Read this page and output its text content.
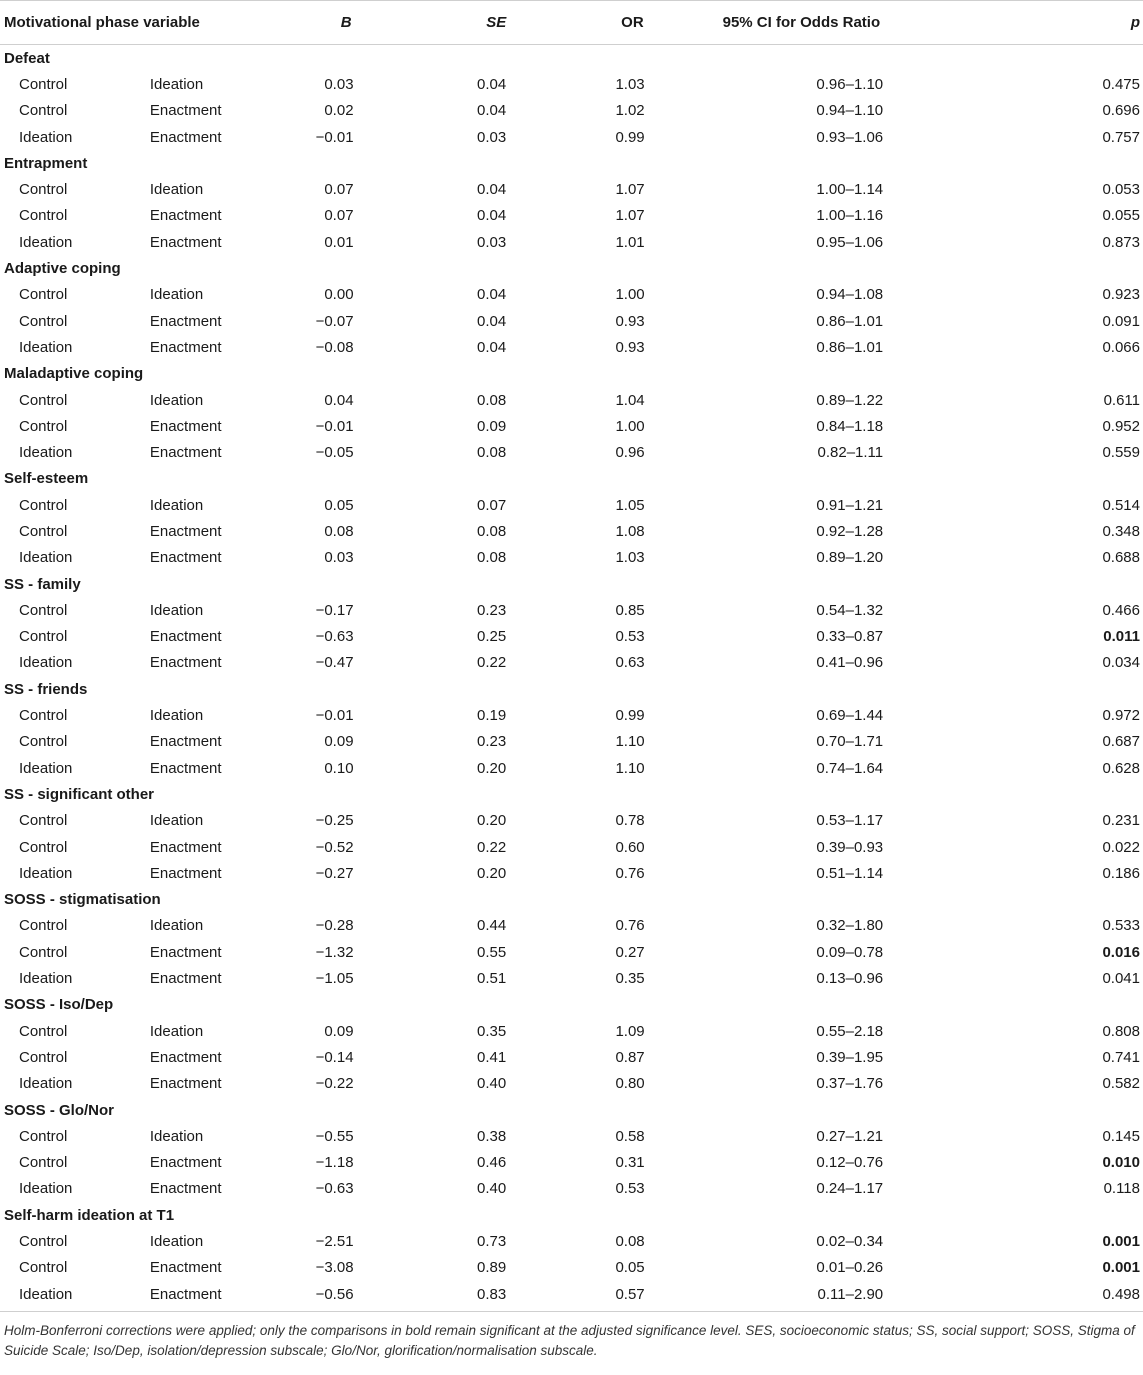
Motivational phase variable		B	SE	OR	95% CI for Odds Ratio	p
Defeat						
Control	Ideation	0.03	0.04	1.03	0.96–1.10	0.475
Control	Enactment	0.02	0.04	1.02	0.94–1.10	0.696
Ideation	Enactment	−0.01	0.03	0.99	0.93–1.06	0.757
Entrapment						
Control	Ideation	0.07	0.04	1.07	1.00–1.14	0.053
Control	Enactment	0.07	0.04	1.07	1.00–1.16	0.055
Ideation	Enactment	0.01	0.03	1.01	0.95–1.06	0.873
Adaptive coping						
Control	Ideation	0.00	0.04	1.00	0.94–1.08	0.923
Control	Enactment	−0.07	0.04	0.93	0.86–1.01	0.091
Ideation	Enactment	−0.08	0.04	0.93	0.86–1.01	0.066
Maladaptive coping						
Control	Ideation	0.04	0.08	1.04	0.89–1.22	0.611
Control	Enactment	−0.01	0.09	1.00	0.84–1.18	0.952
Ideation	Enactment	−0.05	0.08	0.96	0.82–1.11	0.559
Self-esteem						
Control	Ideation	0.05	0.07	1.05	0.91–1.21	0.514
Control	Enactment	0.08	0.08	1.08	0.92–1.28	0.348
Ideation	Enactment	0.03	0.08	1.03	0.89–1.20	0.688
SS - family						
Control	Ideation	−0.17	0.23	0.85	0.54–1.32	0.466
Control	Enactment	−0.63	0.25	0.53	0.33–0.87	0.011
Ideation	Enactment	−0.47	0.22	0.63	0.41–0.96	0.034
SS - friends						
Control	Ideation	−0.01	0.19	0.99	0.69–1.44	0.972
Control	Enactment	0.09	0.23	1.10	0.70–1.71	0.687
Ideation	Enactment	0.10	0.20	1.10	0.74–1.64	0.628
SS - significant other						
Control	Ideation	−0.25	0.20	0.78	0.53–1.17	0.231
Control	Enactment	−0.52	0.22	0.60	0.39–0.93	0.022
Ideation	Enactment	−0.27	0.20	0.76	0.51–1.14	0.186
SOSS - stigmatisation						
Control	Ideation	−0.28	0.44	0.76	0.32–1.80	0.533
Control	Enactment	−1.32	0.55	0.27	0.09–0.78	0.016
Ideation	Enactment	−1.05	0.51	0.35	0.13–0.96	0.041
SOSS - Iso/Dep						
Control	Ideation	0.09	0.35	1.09	0.55–2.18	0.808
Control	Enactment	−0.14	0.41	0.87	0.39–1.95	0.741
Ideation	Enactment	−0.22	0.40	0.80	0.37–1.76	0.582
SOSS - Glo/Nor						
Control	Ideation	−0.55	0.38	0.58	0.27–1.21	0.145
Control	Enactment	−1.18	0.46	0.31	0.12–0.76	0.010
Ideation	Enactment	−0.63	0.40	0.53	0.24–1.17	0.118
Self-harm ideation at T1						
Control	Ideation	−2.51	0.73	0.08	0.02–0.34	0.001
Control	Enactment	−3.08	0.89	0.05	0.01–0.26	0.001
Ideation	Enactment	−0.56	0.83	0.57	0.11–2.90	0.498
Holm-Bonferroni corrections were applied; only the comparisons in bold remain significant at the adjusted significance level. SES, socioeconomic status; SS, social support; SOSS, Stigma of Suicide Scale; Iso/Dep, isolation/depression subscale; Glo/Nor, glorification/normalisation subscale.
